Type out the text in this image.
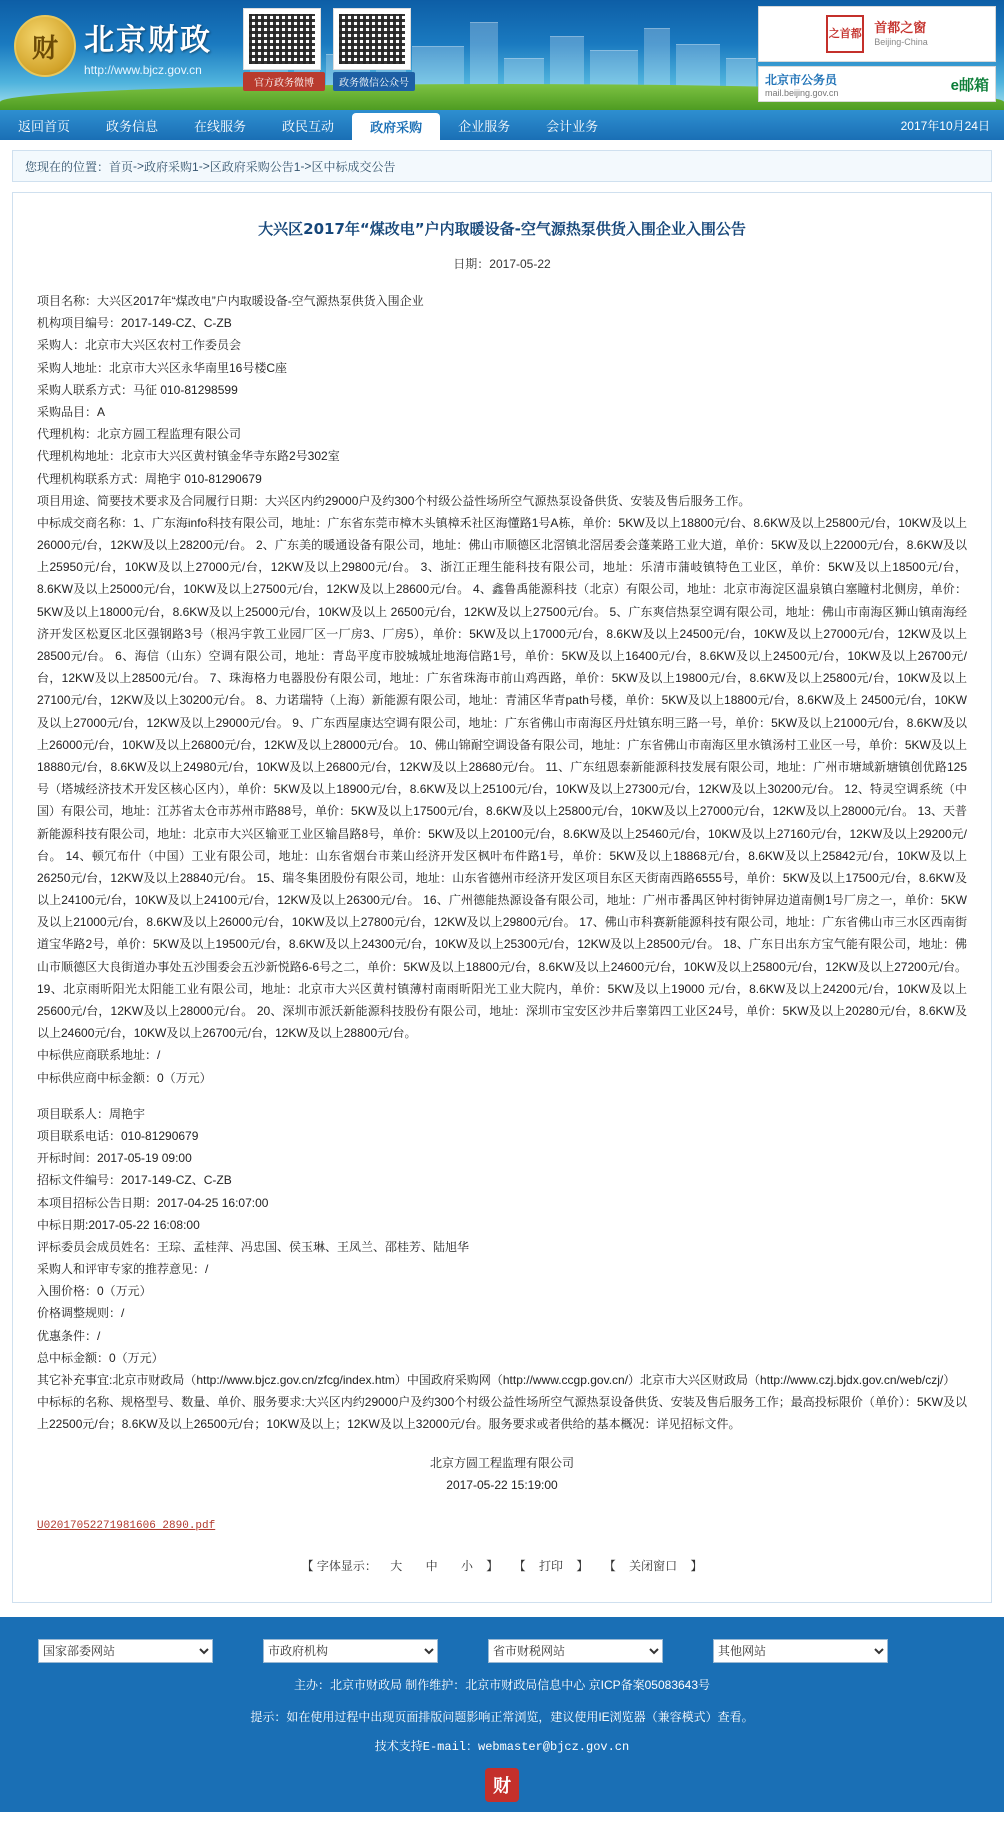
财 北京财政
http://www.bjcz.gov.cn
官方政务微博	政务微信公众号
之首都 首都之窗
Beijing-China
北京市公务员
mail.beijing.gov.cn	e邮箱
返回首页	政务信息	在线服务	政民互动	政府采购	企业服务	会计业务	2017年10月24日
您现在的位置： 首页 -> 政府采购1 -> 区政府采购公告1 -> 区中标成交公告
大兴区2017年“煤改电”户内取暖设备-空气源热泵供货入围企业入围公告
日期：2017-05-22

项目名称：大兴区2017年“煤改电”户内取暖设备-空气源热泵供货入围企业

机构项目编号：2017-149-CZ、C-ZB

采购人：北京市大兴区农村工作委员会

采购人地址：北京市大兴区永华南里16号楼C座

采购人联系方式：马征 010-81298599

采购品目：A

代理机构：北京方圆工程监理有限公司

代理机构地址：北京市大兴区黄村镇金华寺东路2号302室

代理机构联系方式：周艳宇 010-81290679

项目用途、简要技术要求及合同履行日期：大兴区内约29000户及约300个村级公益性场所空气源热泵设备供货、安装及售后服务工作。

中标成交商名称：1、广东海info科技有限公司，地址：广东省东莞市樟木头镇樟禾社区海懂路1号A栋，单价：5KW及以上18800元/台、8.6KW及以上25800元/台，10KW及以上26000元/台，12KW及以上28200元/台。 2、广东美的暖通设备有限公司，地址：佛山市顺德区北滘镇北滘居委会蓬莱路工业大道，单价：5KW及以上22000元/台，8.6KW及以上25950元/台，10KW及以上27000元/台，12KW及以上29800元/台。 3、浙江正理生能科技有限公司，地址：乐清市蒲岐镇特色工业区，单价：5KW及以上18500元/台，8.6KW及以上25000元/台，10KW及以上27500元/台，12KW及以上28600元/台。 4、鑫鲁禹能源科技（北京）有限公司，地址：北京市海淀区温泉镇白塞瞳村北侧房，单价：5KW及以上18000元/台，8.6KW及以上25000元/台，10KW及以上 26500元/台，12KW及以上27500元/台。 5、广东爽信热泵空调有限公司，地址：佛山市南海区狮山镇南海经济开发区松夏区北区强钢路3号（根冯宇敦工业园厂区一厂房3、厂房5），单价：5KW及以上17000元/台，8.6KW及以上24500元/台，10KW及以上27000元/台，12KW及以上28500元/台。 6、海信（山东）空调有限公司，地址：青岛平度市胶城城址地海信路1号，单价：5KW及以上16400元/台，8.6KW及以上24500元/台，10KW及以上26700元/台，12KW及以上28500元/台。 7、珠海格力电器股份有限公司，地址：广东省珠海市前山鸡西路，单价：5KW及以上19800元/台，8.6KW及以上25800元/台，10KW及以上27100元/台，12KW及以上30200元/台。 8、力诺瑞特（上海）新能源有限公司，地址：青浦区华青path号楼，单价：5KW及以上18800元/台，8.6KW及上 24500元/台，10KW及以上27000元/台，12KW及以上29000元/台。 9、广东西屋康达空调有限公司，地址：广东省佛山市南海区丹灶镇东明三路一号，单价：5KW及以上21000元/台，8.6KW及以上26000元/台，10KW及以上26800元/台，12KW及以上28000元/台。 10、佛山锦耐空调设备有限公司，地址：广东省佛山市南海区里水镇汤村工业区一号，单价：5KW及以上18880元/台，8.6KW及以上24980元/台，10KW及以上26800元/台，12KW及以上28680元/台。 11、广东纽恩泰新能源科技发展有限公司，地址：广州市塘域新塘镇创优路125号（塔城经济技术开发区核心区内），单价：5KW及以上18900元/台，8.6KW及以上25100元/台，10KW及以上27300元/台，12KW及以上30200元/台。 12、特灵空调系统（中国）有限公司，地址：江苏省太仓市苏州市路88号，单价：5KW及以上17500元/台，8.6KW及以上25800元/台，10KW及以上27000元/台，12KW及以上28000元/台。 13、天普新能源科技有限公司，地址：北京市大兴区输亚工业区输昌路8号，单价：5KW及以上20100元/台，8.6KW及以上25460元/台，10KW及以上27160元/台，12KW及以上29200元/台。 14、顿冗布什（中国）工业有限公司，地址：山东省烟台市莱山经济开发区枫叶布件路1号，单价：5KW及以上18868元/台，8.6KW及以上25842元/台，10KW及以上26250元/台，12KW及以上28840元/台。 15、瑞冬集团股份有限公司，地址：山东省德州市经济开发区项目东区天街南西路6555号，单价：5KW及以上17500元/台，8.6KW及以上24100元/台，10KW及以上24100元/台，12KW及以上26300元/台。 16、广州德能热源设备有限公司，地址：广州市番禺区钟村街钟屏边道南侧1号厂房之一，单价：5KW及以上21000元/台，8.6KW及以上26000元/台，10KW及以上27800元/台，12KW及以上29800元/台。 17、佛山市科赛新能源科技有限公司，地址：广东省佛山市三水区西南街道宝华路2号，单价：5KW及以上19500元/台，8.6KW及以上24300元/台，10KW及以上25300元/台，12KW及以上28500元/台。 18、广东日出东方宝气能有限公司，地址：佛山市顺德区大良街道办事处五沙围委会五沙新悦路6-6号之二，单价：5KW及以上18800元/台，8.6KW及以上24600元/台，10KW及以上25800元/台，12KW及以上27200元/台。 19、北京雨昕阳光太阳能工业有限公司，地址：北京市大兴区黄村镇薄村南雨昕阳光工业大院内，单价：5KW及以上19000 元/台，8.6KW及以上24200元/台，10KW及以上25600元/台，12KW及以上28000元/台。 20、深圳市派沃新能源科技股份有限公司，地址：深圳市宝安区沙井后睾第四工业区24号，单价：5KW及以上20280元/台，8.6KW及以上24600元/台，10KW及以上26700元/台，12KW及以上28800元/台。

中标供应商联系地址：/

中标供应商中标金额：0（万元）

项目联系人：周艳宇

项目联系电话：010-81290679

开标时间：2017-05-19 09:00

招标文件编号：2017-149-CZ、C-ZB

本项目招标公告日期：2017-04-25 16:07:00

中标日期:2017-05-22 16:08:00

评标委员会成员姓名：王琮、孟桂萍、冯忠国、侯玉琳、王凤兰、邵桂芳、陆旭华

采购人和评审专家的推荐意见：/

入围价格：0（万元）

价格调整规则：/

优惠条件：/

总中标金额：0（万元）

其它补充事宜:北京市财政局（http://www.bjcz.gov.cn/zfcg/index.htm）中国政府采购网（http://www.ccgp.gov.cn/）北京市大兴区财政局（http://www.czj.bjdx.gov.cn/web/czj/）

中标标的名称、规格型号、数量、单价、服务要求:大兴区内约29000户及约300个村级公益性场所空气源热泵设备供货、安装及售后服务工作；最高投标限价（单价）：5KW及以上22500元/台；8.6KW及以上26500元/台；10KW及以上；12KW及以上32000元/台。服务要求或者供给的基本概况：详见招标文件。

北京方圆工程监理有限公司
2017-05-22 15:19:00
U02017052271981606 2890.pdf
【 字体显示： 大 中 小 】 【 打印 】 【 关闭窗口 】
国家部委网站
市政府机构
省市财税网站
其他网站
主办：北京市财政局 制作维护：北京市财政局信息中心 京ICP备案05083643号
提示：如在使用过程中出现页面排版问题影响正常浏览，建议使用IE浏览器（兼容模式）查看。
技术支持E-mail：webmaster@bjcz.gov.cn
财
